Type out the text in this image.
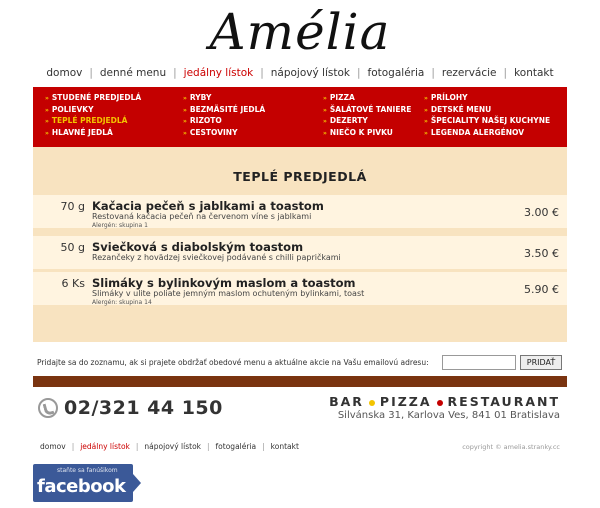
Amélia
domov | denné menu | jedálny lístok | nápojový lístok | fotogaléria | rezervácie | kontakt
» STUDENÉ PREDJEDLÁ
» POLIEVKY
» TEPLÉ PREDJEDLÁ
» HLAVNÉ JEDLÁ
» RYBY
» BEZMÄSITÉ JEDLÁ
» RIZOTO
» CESTOVINY
» PIZZA
» ŠALÁTOVÉ TANIERE
» DEZERTY
» NIEČO K PIVKU
» PRÍLOHY
» DETSKÉ MENU
» ŠPECIALITY NAŠEJ KUCHYNE
» LEGENDA ALERGÉNOV
TEPLÉ PREDJEDLÁ
70 g Kačacia pečeň s jablkami a toastom
Restovaná kačacia pečeň na červenom víne s jablkami
Alergén: skupina 1
3.00 €
50 g Sviečková s diabolským toastom
Rezančeky z hovädzej sviečkovej podávané s chilli papričkami	3.50 €
6 Ks Slimáky s bylinkovým maslom a toastom
Slimáky v ulite poliate jemným maslom ochuteným bylinkami, toast
Alergén: skupina 14
5.90 €
Pridajte sa do zoznamu, ak si prajete obdržať obedové menu a aktuálne akcie na Vašu emailovú adresu:	PRIDAŤ
02/321 44 150	BAR PIZZA RESTAURANT
Silvánska 31, Karlova Ves, 841 01 Bratislava
domov | jedálny lístok | nápojový lístok | fotogaléria | kontakt	copyright © amelia.stranky.cc
staňte sa fanúšikom
facebook
